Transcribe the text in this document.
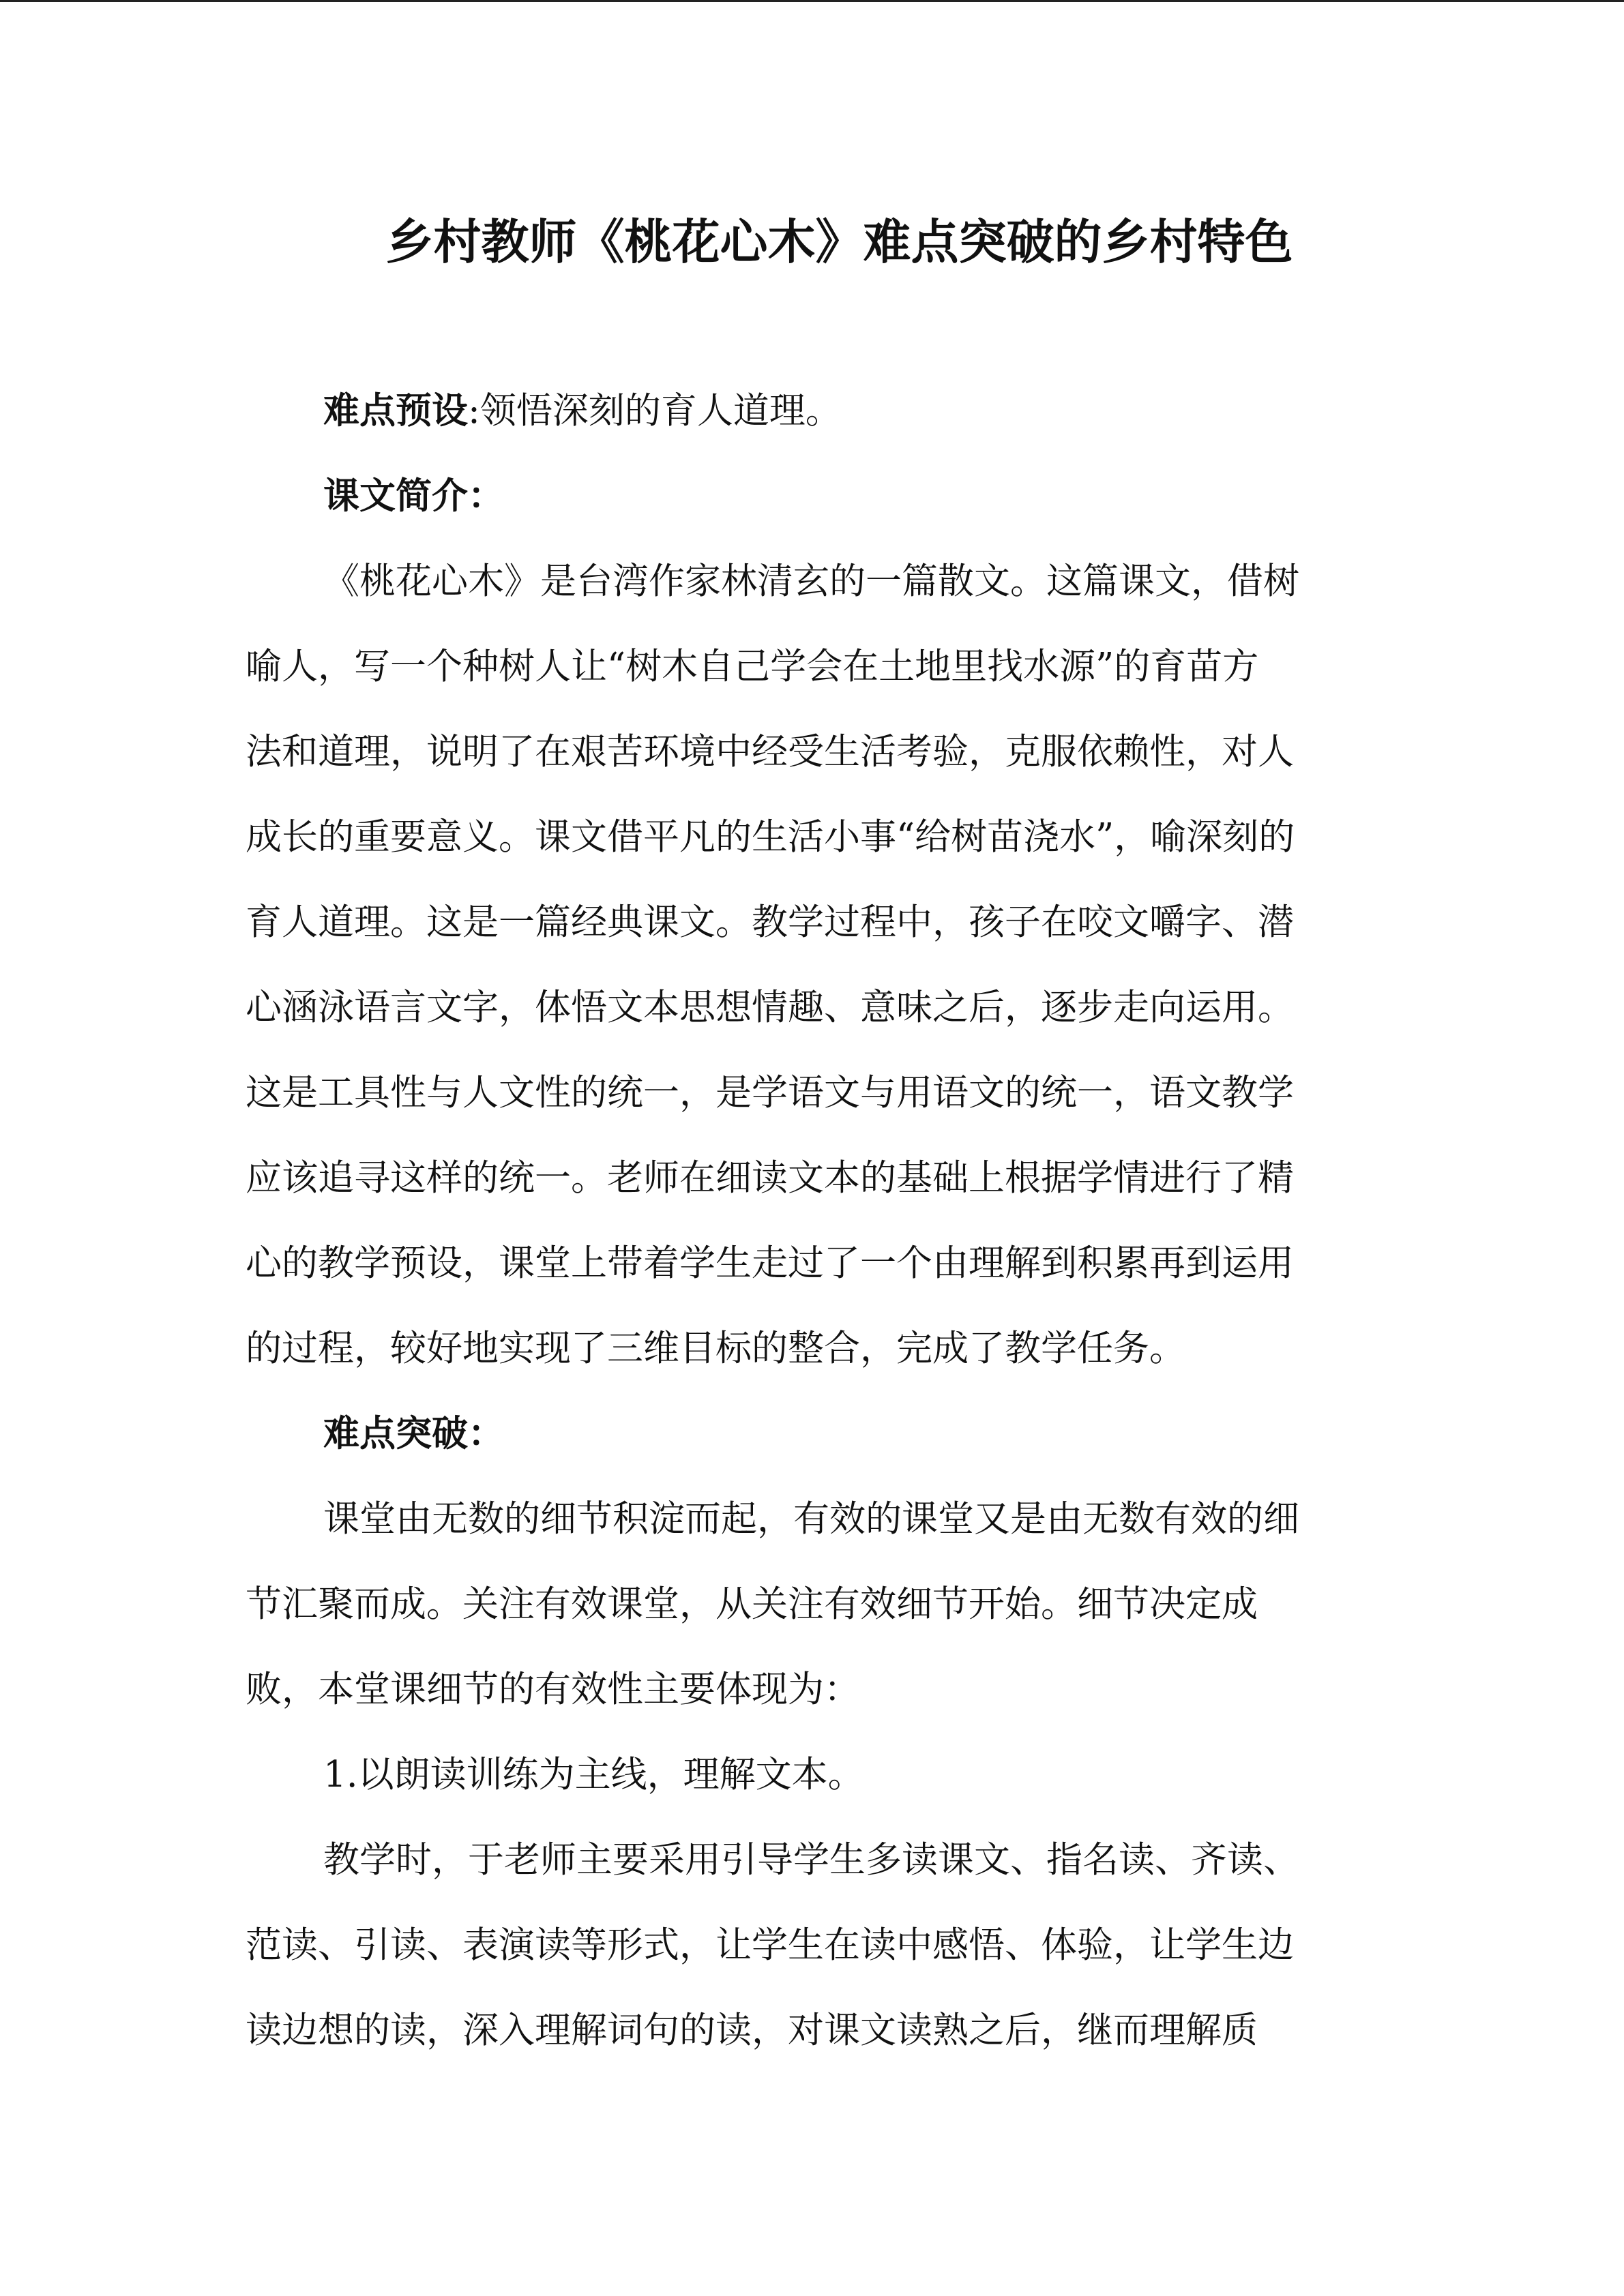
乡村教师《桃花心木》难点突破的乡村特色
难点预设:领悟深刻的育人道理。
课文简介：
《桃花心木》是台湾作家林清玄的一篇散文。这篇课文，借树
喻人，写一个种树人让“树木自己学会在土地里找水源”的育苗方
法和道理，说明了在艰苦环境中经受生活考验，克服依赖性，对人
成长的重要意义。课文借平凡的生活小事“给树苗浇水”，喻深刻的
育人道理。这是一篇经典课文。教学过程中，孩子在咬文嚼字、潜
心涵泳语言文字，体悟文本思想情趣、意味之后，逐步走向运用。
这是工具性与人文性的统一，是学语文与用语文的统一，语文教学
应该追寻这样的统一。老师在细读文本的基础上根据学情进行了精
心的教学预设，课堂上带着学生走过了一个由理解到积累再到运用
的过程，较好地实现了三维目标的整合，完成了教学任务。
难点突破：
课堂由无数的细节积淀而起，有效的课堂又是由无数有效的细
节汇聚而成。关注有效课堂，从关注有效细节开始。细节决定成
败，本堂课细节的有效性主要体现为：
1.以朗读训练为主线，理解文本。
教学时，于老师主要采用引导学生多读课文、指名读、齐读、
范读、引读、表演读等形式，让学生在读中感悟、体验，让学生边
读边想的读，深入理解词句的读，对课文读熟之后，继而理解质
